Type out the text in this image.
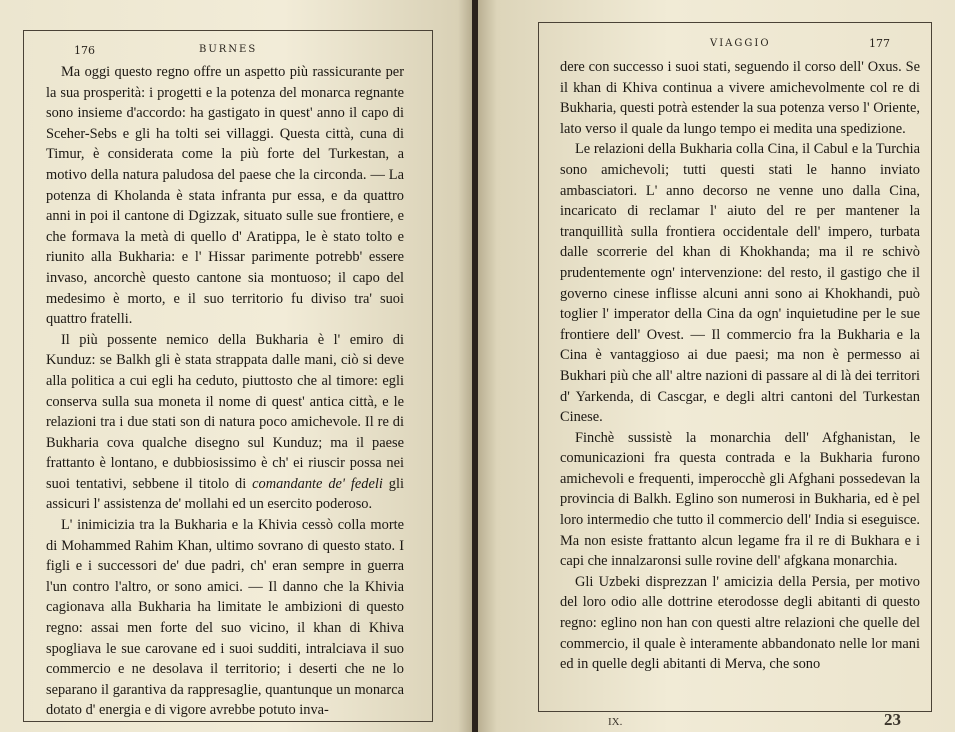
176	BURNES

Ma oggi questo regno offre un aspetto più rassicurante per la sua prosperità: i progetti e la potenza del monarca regnante sono insieme d'accordo: ha gastigato in quest' anno il capo di Sceher-Sebs e gli ha tolti sei villaggi. Questa città, cuna di Timur, è considerata come la più forte del Turkestan, a motivo della natura paludosa del paese che la circonda. — La potenza di Kholanda è stata infranta pur essa, e da quattro anni in poi il cantone di Dgizzak, situato sulle sue frontiere, e che formava la metà di quello d' Aratippa, le è stato tolto e riunito alla Bukharia: e l' Hissar parimente potrebb' essere invaso, ancorchè questo cantone sia montuoso; il capo del medesimo è morto, e il suo territorio fu diviso tra' suoi quattro fratelli.

Il più possente nemico della Bukharia è l' emiro di Kunduz: se Balkh gli è stata strappata dalle mani, ciò si deve alla politica a cui egli ha ceduto, piuttosto che al timore: egli conserva sulla sua moneta il nome di quest' antica città, e le relazioni tra i due stati son di natura poco amichevole. Il re di Bukharia cova qualche disegno sul Kunduz; ma il paese frattanto è lontano, e dubbiosissimo è ch' ei riuscir possa nei suoi tentativi, sebbene il titolo di comandante de' fedeli gli assicuri l' assistenza de' mollahi ed un esercito poderoso.

L' inimicizia tra la Bukharia e la Khivia cessò colla morte di Mohammed Rahim Khan, ultimo sovrano di questo stato. I figli e i successori de' due padri, ch' eran sempre in guerra l'un contro l'altro, or sono amici. — Il danno che la Khivia cagionava alla Bukharia ha limitate le ambizioni di questo regno: assai men forte del suo vicino, il khan di Khiva spogliava le sue carovane ed i suoi sudditi, intralciava il suo commercio e ne desolava il territorio; i deserti che ne lo separano il garantiva da rappresaglie, quantunque un monarca dotato d' energia e di vigore avrebbe potuto inva-

VIAGGIO	177

dere con successo i suoi stati, seguendo il corso dell' Oxus. Se il khan di Khiva continua a vivere amichevolmente col re di Bukharia, questi potrà estender la sua potenza verso l' Oriente, lato verso il quale da lungo tempo ei medita una spedizione.

Le relazioni della Bukharia colla Cina, il Cabul e la Turchia sono amichevoli; tutti questi stati le hanno inviato ambasciatori. L' anno decorso ne venne uno dalla Cina, incaricato di reclamar l' aiuto del re per mantener la tranquillità sulla frontiera occidentale dell' impero, turbata dalle scorrerie del khan di Khokhanda; ma il re schivò prudentemente ogn' intervenzione: del resto, il gastigo che il governo cinese inflisse alcuni anni sono ai Khokhandi, può toglier l' imperator della Cina da ogn' inquietudine per le sue frontiere dell' Ovest. — Il commercio fra la Bukharia e la Cina è vantaggioso ai due paesi; ma non è permesso ai Bukhari più che all' altre nazioni di passare al di là dei territori d' Yarkenda, di Cascgar, e degli altri cantoni del Turkestan Cinese.

Finchè sussistè la monarchia dell' Afghanistan, le comunicazioni fra questa contrada e la Bukharia furono amichevoli e frequenti, imperocchè gli Afghani possedevan la provincia di Balkh. Eglino son numerosi in Bukharia, ed è pel loro intermedio che tutto il commercio dell' India si eseguisce. Ma non esiste frattanto alcun legame fra il re di Bukhara e i capi che innalzaronsi sulle rovine dell' afgkana monarchia.

Gli Uzbeki disprezzan l' amicizia della Persia, per motivo del loro odio alle dottrine eterodosse degli abitanti di questo regno: eglino non han con questi altre relazioni che quelle del commercio, il quale è interamente abbandonato nelle lor mani ed in quelle degli abitanti di Merva, che sono

IX.	23
